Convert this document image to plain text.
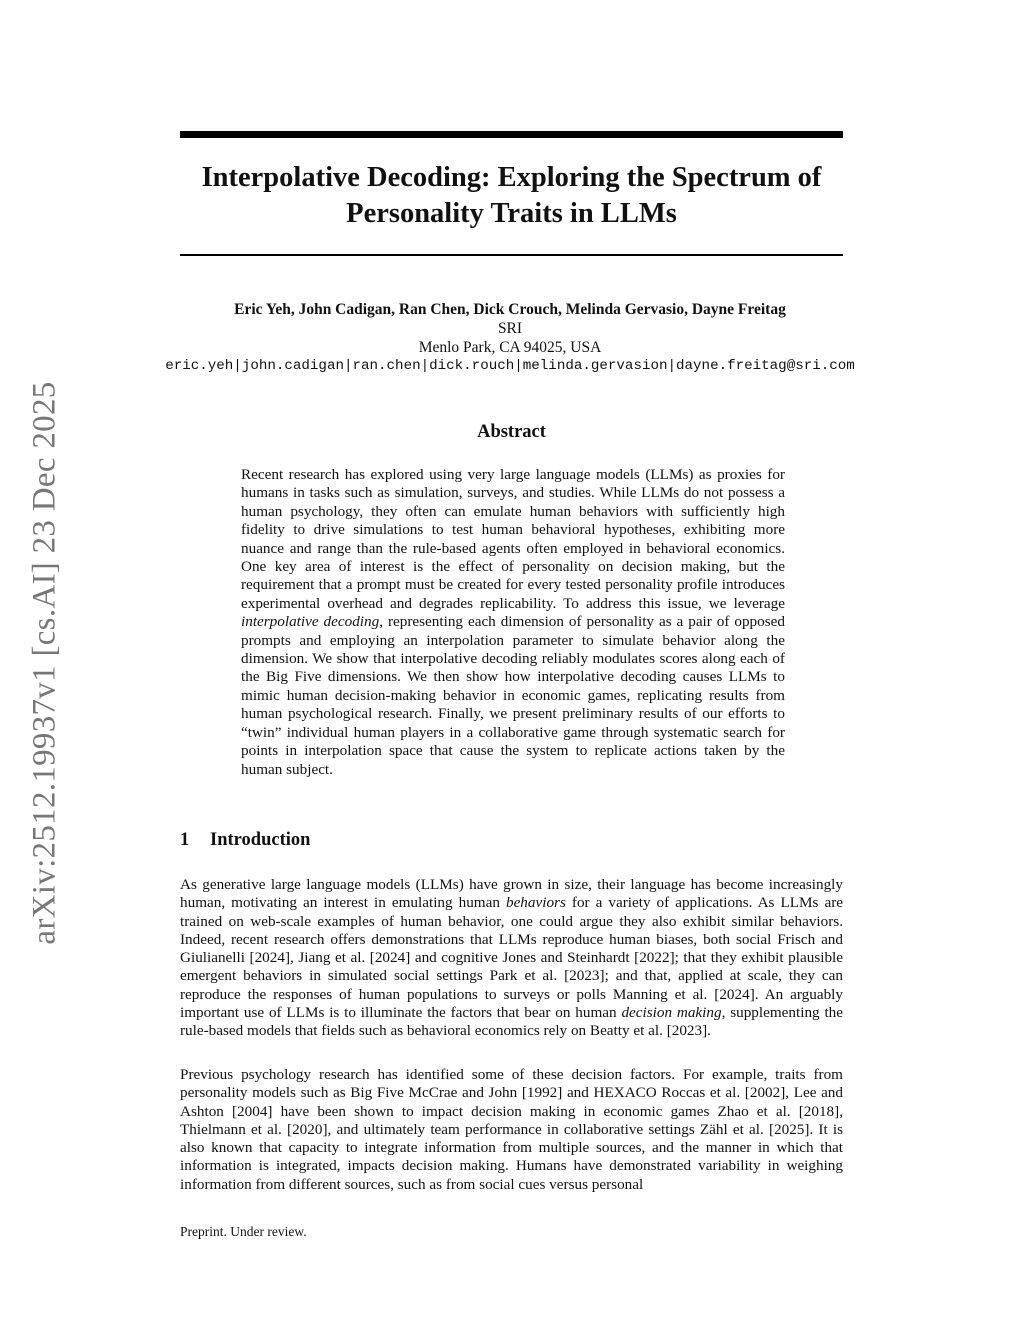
arXiv:2512.19937v1 [cs.AI] 23 Dec 2025
Interpolative Decoding: Exploring the Spectrum of Personality Traits in LLMs
Eric Yeh, John Cadigan, Ran Chen, Dick Crouch, Melinda Gervasio, Dayne Freitag
SRI
Menlo Park, CA 94025, USA
eric.yeh|john.cadigan|ran.chen|dick.rouch|melinda.gervasion|dayne.freitag@sri.com
Abstract
Recent research has explored using very large language models (LLMs) as proxies for humans in tasks such as simulation, surveys, and studies. While LLMs do not possess a human psychology, they often can emulate human behaviors with sufficiently high fidelity to drive simulations to test human behavioral hypotheses, exhibiting more nuance and range than the rule-based agents often employed in behavioral economics. One key area of interest is the effect of personality on decision making, but the requirement that a prompt must be created for every tested personality profile introduces experimental overhead and degrades replicability. To address this issue, we leverage interpolative decoding, representing each dimension of personality as a pair of opposed prompts and employing an interpolation parameter to simulate behavior along the dimension. We show that interpolative decoding reliably modulates scores along each of the Big Five dimensions. We then show how interpolative decoding causes LLMs to mimic human decision-making behavior in economic games, replicating results from human psychological research. Finally, we present preliminary results of our efforts to “twin” individual human players in a collaborative game through systematic search for points in interpolation space that cause the system to replicate actions taken by the human subject.
1 Introduction
As generative large language models (LLMs) have grown in size, their language has become increasingly human, motivating an interest in emulating human behaviors for a variety of applications. As LLMs are trained on web-scale examples of human behavior, one could argue they also exhibit similar behaviors. Indeed, recent research offers demonstrations that LLMs reproduce human biases, both social Frisch and Giulianelli [2024], Jiang et al. [2024] and cognitive Jones and Steinhardt [2022]; that they exhibit plausible emergent behaviors in simulated social settings Park et al. [2023]; and that, applied at scale, they can reproduce the responses of human populations to surveys or polls Manning et al. [2024]. An arguably important use of LLMs is to illuminate the factors that bear on human decision making, supplementing the rule-based models that fields such as behavioral economics rely on Beatty et al. [2023].
Previous psychology research has identified some of these decision factors. For example, traits from personality models such as Big Five McCrae and John [1992] and HEXACO Roccas et al. [2002], Lee and Ashton [2004] have been shown to impact decision making in economic games Zhao et al. [2018], Thielmann et al. [2020], and ultimately team performance in collaborative settings Zähl et al. [2025]. It is also known that capacity to integrate information from multiple sources, and the manner in which that information is integrated, impacts decision making. Humans have demonstrated variability in weighing information from different sources, such as from social cues versus personal
Preprint. Under review.
